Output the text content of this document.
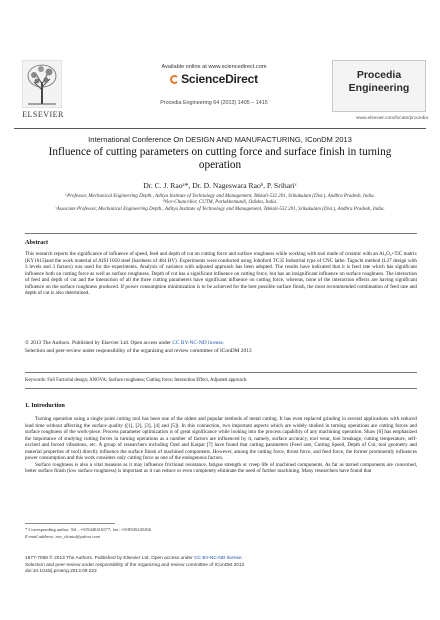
ELSEVIER
Available online at www.sciencedirect.com
ScienceDirect
Procedia Engineering 64 (2013) 1405 – 1415
Procedia
Engineering
www.elsevier.com/locate/procedia
International Conference On DESIGN AND MANUFACTURING, IConDM 2013
Influence of cutting parameters on cutting force and surface finish in turning operation
Dr. C. J. Raoᵃ*, Dr. D. Nageswara Raoᵇ, P. Srihariᶜ
ᵃProfessor, Mechanical Engineering Depth., Aditya Institute of Technology and Management, Tekkali-532 201, Srikakulam (Dist.), Andhra Pradesh, India.
ᵇVice-Chancellor, CUTM, Parlakhemundi, Odisha, India.
ᶜAssociate Professor, Mechanical Engineering Depth., Aditya Institute of Technology and Management, Tekkali-532 201, Srikakulam (Dist.), Andhra Pradesh, India.
Abstract
This research reports the significance of influence of speed, feed and depth of cut on cutting force and surface roughness while working with tool made of ceramic with an Al₂O₃+TiC matrix (KY1615)and the work material of AISI 1050 steel (hardness of 484 HV). Experiments were conducted using Johnford TC35 Industrial type of CNC lathe. Taguchi method (L27 design with 3 levels and 3 factors) was used for the experiments. Analysis of variance with adjusted approach has been adopted. The results have indicated that it is feed rate which has significant influence both on cutting force as well as surface roughness. Depth of cut has a significant influence on cutting force, but has an insignificant influence on surface roughness. The interaction of feed and depth of cut and the interaction of all the three cutting parameters have significant influence on cutting force, whereas, none of the interaction effects are having significant influence on the surface roughness produced. If power consumption minimization is to be achieved for the best possible surface finish, the most recommended combination of feed rate and depth of cut is also determined.
© 2013 The Authors. Published by Elsevier Ltd. Open access under CC BY-NC-ND license.
Selection and peer-review under responsibility of the organizing and review committee of IConDM 2013
Keywords: Full Factorial design; ANOVA; Surface roughness; Cutting force; Interaction Effect, Adjusted approach.
1. Introduction

Turning operation using a single point cutting tool has been one of the oldest and popular methods of metal cutting. It has even replaced grinding in several applications with reduced lead time without affecting the surface quality ([1], [2], [3], [4] and [5]). In this connection, two important aspects which are widely studied in turning operations are cutting forces and surface roughness of the work-piece. Process parameter optimization is of great significance while looking into the process capability of any machining operation. Shaw [6] has emphasized the importance of studying cutting forces in turning operations as a number of factors are influenced by it, namely, surface accuracy, tool wear, tool breakage, cutting temperature, self-excited and forced vibrations, etc. A group of researchers including Ozel and Karpat [7] have found that cutting parameters (Feed rate, Cutting Speed, Depth of Cut, tool geometry and material properties of tool) directly influence the surface finish of machined components. However, among the cutting force, thrust force, and feed force, the former prominently influences power consumption and this work considers only cutting force as one of the endogenous factors.

Surface roughness is also a vital measure as it may influence frictional resistance, fatigue strength or creep life of machined components. As far as turned components are concerned, better surface finish (low surface roughness) is important as it can reduce or even completely eliminate the need of further machining. Many researchers have found that

* Corresponding author. Tel.: +919440416577; fax: +918945245266
E-mail address: rao_chintu@yahoo.com
1877-7058 © 2013 The Authors. Published by Elsevier Ltd. Open access under CC BY-NC-ND license.
Selection and peer-review under responsibility of the organizing and review committee of IConDM 2013
doi:10.1016/j.proeng.2013.09.222
